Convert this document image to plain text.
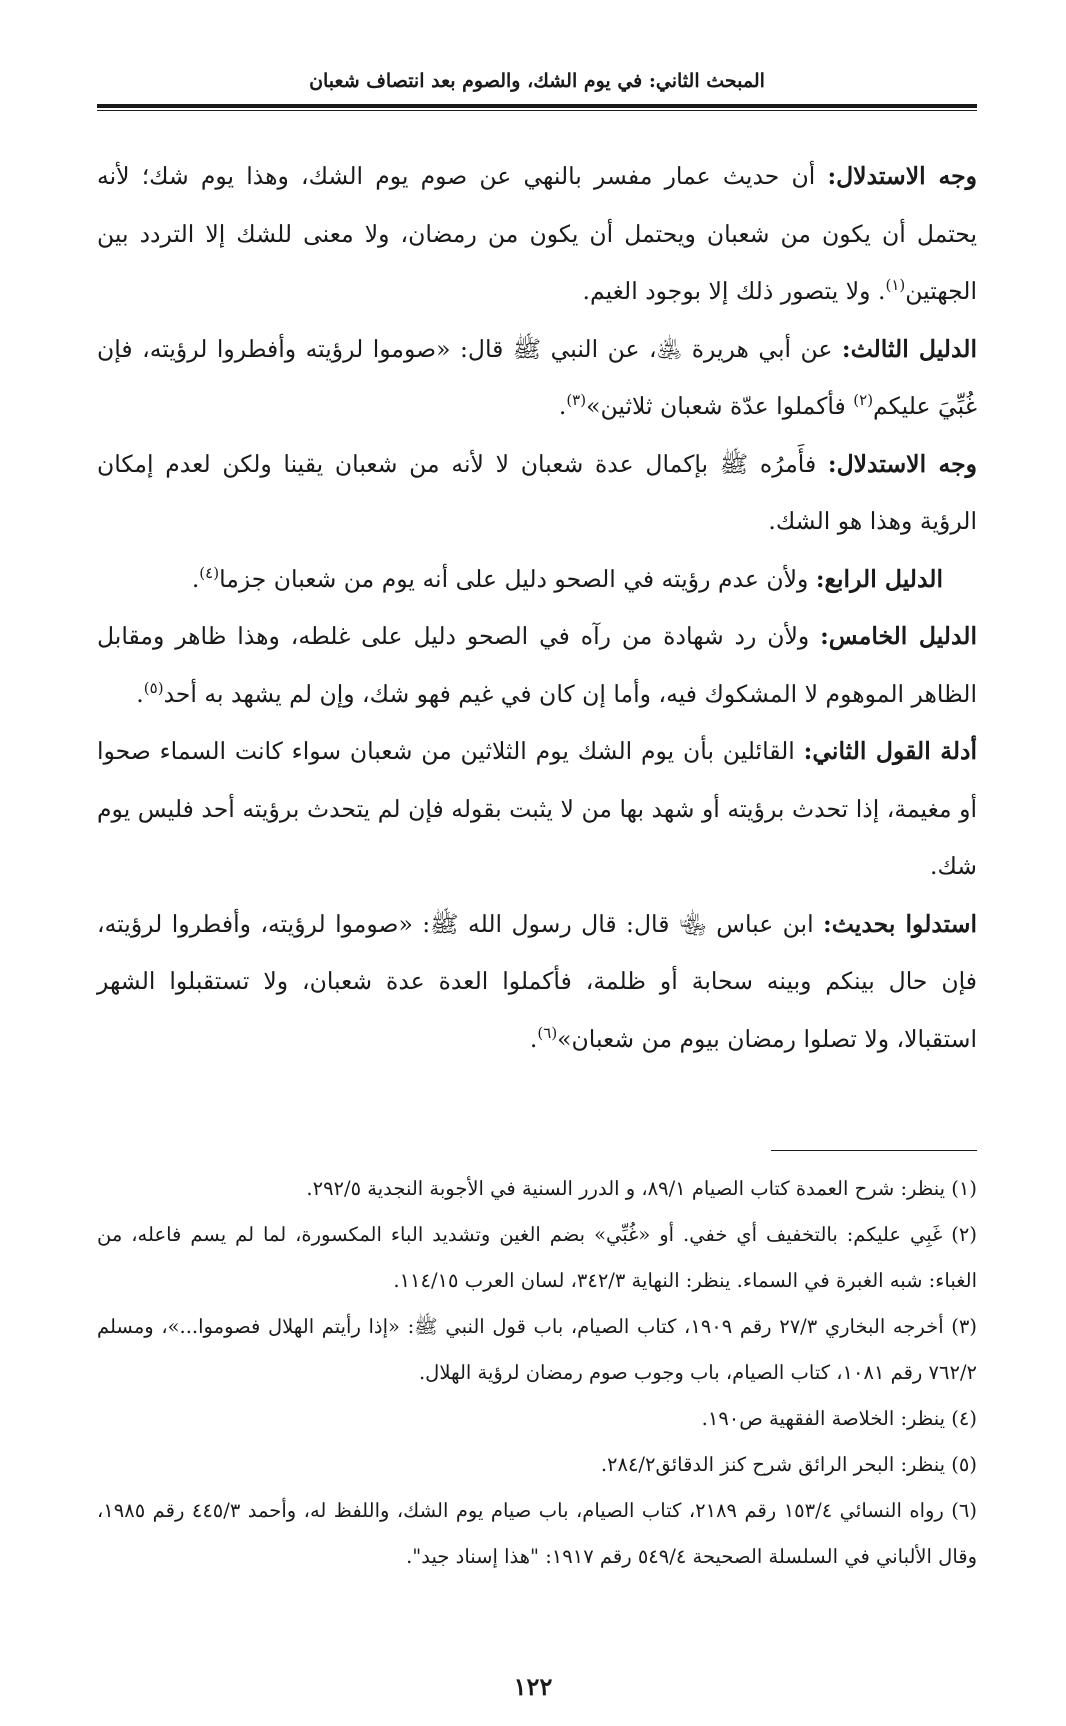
المبحث الثاني: في يوم الشك، والصوم بعد انتصاف شعبان

وجه الاستدلال: أن حديث عمار مفسر بالنهي عن صوم يوم الشك، وهذا يوم شك؛ لأنه يحتمل أن يكون من شعبان ويحتمل أن يكون من رمضان، ولا معنى للشك إلا التردد بين الجهتين$^{(١)}$. ولا يتصور ذلك إلا بوجود الغيم.

الدليل الثالث: عن أبي هريرة ﵁، عن النبي ﷺ قال: «صوموا لرؤيته وأفطروا لرؤيته، فإن غُبِّيَ عليكم$^{(٢)}$ فأكملوا عدّة شعبان ثلاثين»$^{(٣)}$.

وجه الاستدلال: فأَمرُه ﷺ بإكمال عدة شعبان لا لأنه من شعبان يقينا ولكن لعدم إمكان الرؤية وهذا هو الشك.

الدليل الرابع: ولأن عدم رؤيته في الصحو دليل على أنه يوم من شعبان جزما$^{(٤)}$.

الدليل الخامس: ولأن رد شهادة من رآه في الصحو دليل على غلطه، وهذا ظاهر ومقابل الظاهر الموهوم لا المشكوك فيه، وأما إن كان في غيم فهو شك، وإن لم يشهد به أحد$^{(٥)}$.

أدلة القول الثاني: القائلين بأن يوم الشك يوم الثلاثين من شعبان سواء كانت السماء صحوا أو مغيمة، إذا تحدث برؤيته أو شهد بها من لا يثبت بقوله فإن لم يتحدث برؤيته أحد فليس يوم شك.

استدلوا بحديث: ابن عباس ﵄ قال: قال رسول الله ﷺ: «صوموا لرؤيته، وأفطروا لرؤيته، فإن حال بينكم وبينه سحابة أو ظلمة، فأكملوا العدة عدة شعبان، ولا تستقبلوا الشهر استقبالا، ولا تصلوا رمضان بيوم من شعبان»$^{(٦)}$.

(١) ينظر: شرح العمدة كتاب الصيام ٨٩/١، و الدرر السنية في الأجوبة النجدية ٢٩٢/٥.

(٢) غَبِي عليكم: بالتخفيف أي خفي. أو «غُبِّي» بضم الغين وتشديد الباء المكسورة، لما لم يسم فاعله، من الغباء: شبه الغبرة في السماء. ينظر: النهاية ٣٤٢/٣، لسان العرب ١١٤/١٥.

(٣) أخرجه البخاري ٢٧/٣ رقم ١٩٠٩، كتاب الصيام، باب قول النبي ﷺ: «إذا رأيتم الهلال فصوموا...»، ومسلم ٧٦٢/٢ رقم ١٠٨١، كتاب الصيام، باب وجوب صوم رمضان لرؤية الهلال.

(٤) ينظر: الخلاصة الفقهية ص١٩٠.

(٥) ينظر: البحر الرائق شرح كنز الدقائق٢٨٤/٢.

(٦) رواه النسائي ١٥٣/٤ رقم ٢١٨٩، كتاب الصيام، باب صيام يوم الشك، واللفظ له، وأحمد ٤٤٥/٣ رقم ١٩٨٥، وقال الألباني في السلسلة الصحيحة ٥٤٩/٤ رقم ١٩١٧: "هذا إسناد جيد".

١٢٢
